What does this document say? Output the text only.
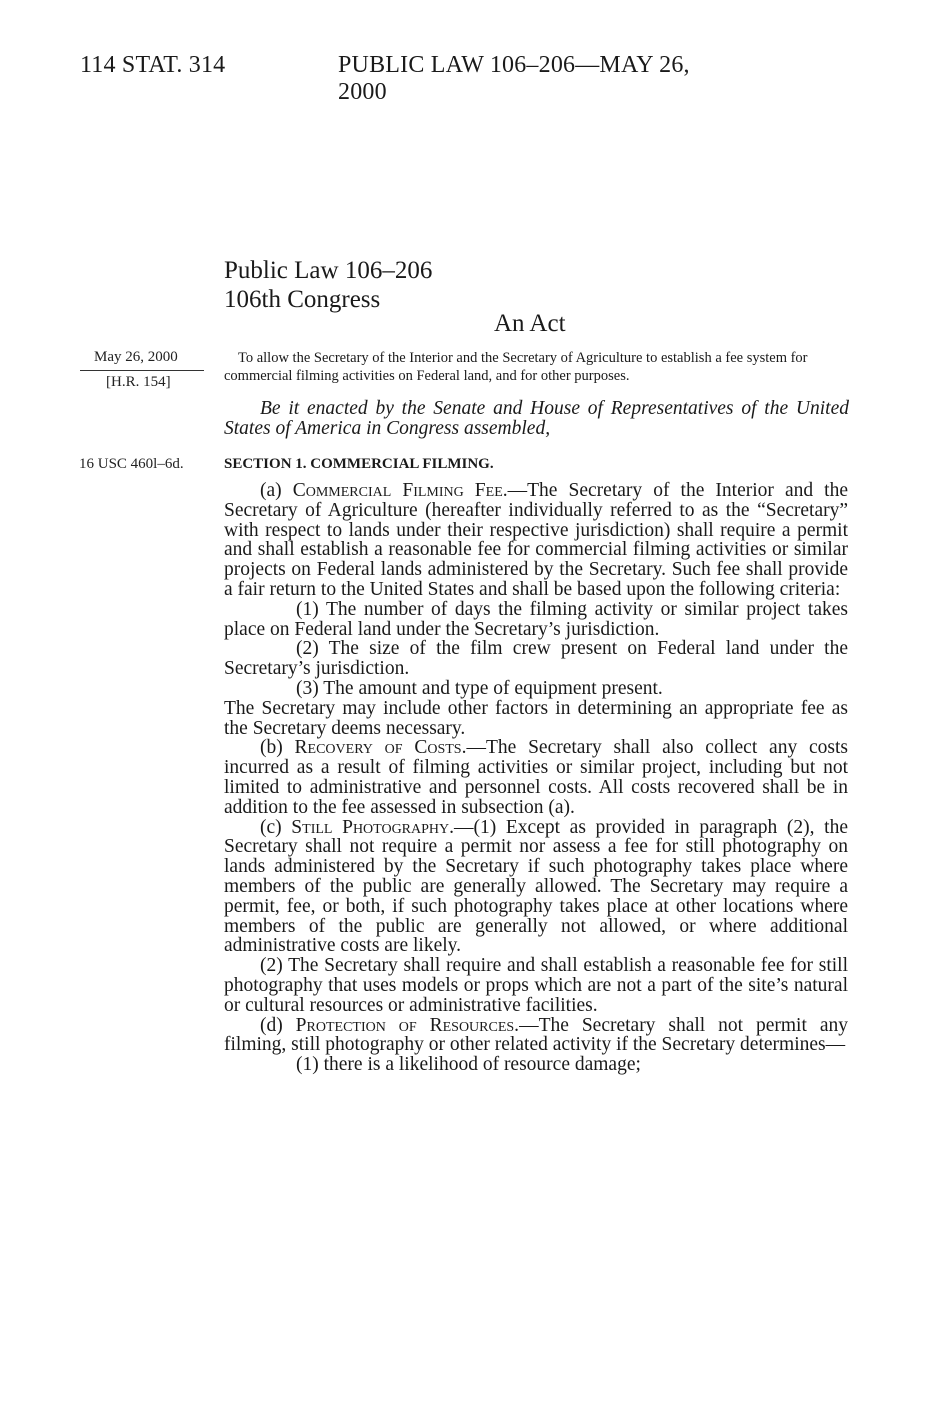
114 STAT. 314	PUBLIC LAW 106–206—MAY 26, 2000
Public Law 106–206
106th Congress
An Act
May 26, 2000
[H.R. 154]
16 USC 460l–6d.
To allow the Secretary of the Interior and the Secretary of Agriculture to establish a fee system for commercial filming activities on Federal land, and for other purposes.
Be it enacted by the Senate and House of Representatives of the United States of America in Congress assembled,
SECTION 1. COMMERCIAL FILMING.

(a) Commercial Filming Fee.—The Secretary of the Interior and the Secretary of Agriculture (hereafter individually referred to as the “Secretary” with respect to lands under their respective jurisdiction) shall require a permit and shall establish a reasonable fee for commercial filming activities or similar projects on Federal lands administered by the Secretary. Such fee shall provide a fair return to the United States and shall be based upon the following criteria:

(1) The number of days the filming activity or similar project takes place on Federal land under the Secretary’s jurisdiction.

(2) The size of the film crew present on Federal land under the Secretary’s jurisdiction.

(3) The amount and type of equipment present.

The Secretary may include other factors in determining an appropriate fee as the Secretary deems necessary.

(b) Recovery of Costs.—The Secretary shall also collect any costs incurred as a result of filming activities or similar project, including but not limited to administrative and personnel costs. All costs recovered shall be in addition to the fee assessed in subsection (a).

(c) Still Photography.—(1) Except as provided in paragraph (2), the Secretary shall not require a permit nor assess a fee for still photography on lands administered by the Secretary if such photography takes place where members of the public are generally allowed. The Secretary may require a permit, fee, or both, if such photography takes place at other locations where members of the public are generally not allowed, or where additional administrative costs are likely.

(2) The Secretary shall require and shall establish a reasonable fee for still photography that uses models or props which are not a part of the site’s natural or cultural resources or administrative facilities.

(d) Protection of Resources.—The Secretary shall not permit any filming, still photography or other related activity if the Secretary determines—

(1) there is a likelihood of resource damage;
